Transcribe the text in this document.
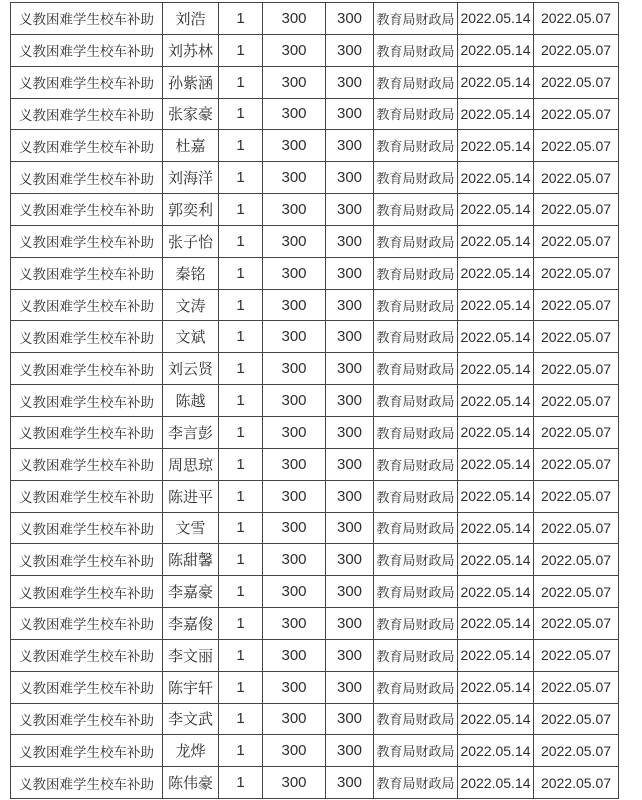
义教困难学生校车补助	刘浩	1	300	300	教育局财政局	2022.05.14	2022.05.07
义教困难学生校车补助	刘苏林	1	300	300	教育局财政局	2022.05.14	2022.05.07
义教困难学生校车补助	孙紫涵	1	300	300	教育局财政局	2022.05.14	2022.05.07
义教困难学生校车补助	张家豪	1	300	300	教育局财政局	2022.05.14	2022.05.07
义教困难学生校车补助	杜嘉	1	300	300	教育局财政局	2022.05.14	2022.05.07
义教困难学生校车补助	刘海洋	1	300	300	教育局财政局	2022.05.14	2022.05.07
义教困难学生校车补助	郭奕利	1	300	300	教育局财政局	2022.05.14	2022.05.07
义教困难学生校车补助	张子怡	1	300	300	教育局财政局	2022.05.14	2022.05.07
义教困难学生校车补助	秦铭	1	300	300	教育局财政局	2022.05.14	2022.05.07
义教困难学生校车补助	文涛	1	300	300	教育局财政局	2022.05.14	2022.05.07
义教困难学生校车补助	文斌	1	300	300	教育局财政局	2022.05.14	2022.05.07
义教困难学生校车补助	刘云贤	1	300	300	教育局财政局	2022.05.14	2022.05.07
义教困难学生校车补助	陈越	1	300	300	教育局财政局	2022.05.14	2022.05.07
义教困难学生校车补助	李言彭	1	300	300	教育局财政局	2022.05.14	2022.05.07
义教困难学生校车补助	周思琼	1	300	300	教育局财政局	2022.05.14	2022.05.07
义教困难学生校车补助	陈进平	1	300	300	教育局财政局	2022.05.14	2022.05.07
义教困难学生校车补助	文雪	1	300	300	教育局财政局	2022.05.14	2022.05.07
义教困难学生校车补助	陈甜馨	1	300	300	教育局财政局	2022.05.14	2022.05.07
义教困难学生校车补助	李嘉豪	1	300	300	教育局财政局	2022.05.14	2022.05.07
义教困难学生校车补助	李嘉俊	1	300	300	教育局财政局	2022.05.14	2022.05.07
义教困难学生校车补助	李文丽	1	300	300	教育局财政局	2022.05.14	2022.05.07
义教困难学生校车补助	陈宇轩	1	300	300	教育局财政局	2022.05.14	2022.05.07
义教困难学生校车补助	李文武	1	300	300	教育局财政局	2022.05.14	2022.05.07
义教困难学生校车补助	龙烨	1	300	300	教育局财政局	2022.05.14	2022.05.07
义教困难学生校车补助	陈伟豪	1	300	300	教育局财政局	2022.05.14	2022.05.07
